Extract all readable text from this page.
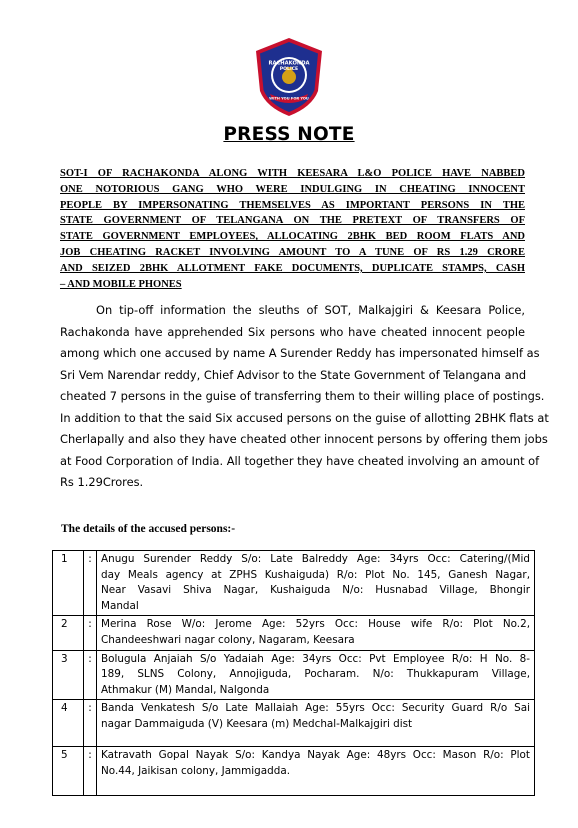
RACHAKONDA
POLICE
WITH YOU FOR YOU
PRESS NOTE
SOT-I OF RACHAKONDA ALONG WITH KEESARA L&O POLICE HAVE NABBED
ONE NOTORIOUS GANG WHO WERE INDULGING IN CHEATING INNOCENT
PEOPLE BY IMPERSONATING THEMSELVES AS IMPORTANT PERSONS IN THE
STATE GOVERNMENT OF TELANGANA ON THE PRETEXT OF TRANSFERS OF
STATE GOVERNMENT EMPLOYEES, ALLOCATING 2BHK BED ROOM FLATS AND
JOB CHEATING RACKET INVOLVING AMOUNT TO A TUNE OF RS 1.29 CRORE
AND SEIZED 2BHK ALLOTMENT FAKE DOCUMENTS, DUPLICATE STAMPS, CASH
– AND MOBILE PHONES
On tip-off information the sleuths of SOT, Malkajgiri & Keesara Police,
Rachakonda have apprehended Six persons who have cheated innocent people
among which one accused by name A Surender Reddy has impersonated himself as
Sri Vem Narendar reddy, Chief Advisor to the State Government of Telangana and
cheated 7 persons in the guise of transferring them to their willing place of postings.
In addition to that the said Six accused persons on the guise of allotting 2BHK flats at
Cherlapally and also they have cheated other innocent persons by offering them jobs
at Food Corporation of India. All together they have cheated involving an amount of
Rs 1.29Crores.
The details of the accused persons:-
1	:	Anugu Surender Reddy S/o: Late Balreddy Age: 34yrs Occ: Catering/(Mid
day Meals agency at ZPHS Kushaiguda) R/o: Plot No. 145, Ganesh Nagar,
Near Vasavi Shiva Nagar, Kushaiguda N/o: Husnabad Village, Bhongir
Mandal

2	:	Merina Rose W/o: Jerome Age: 52yrs Occ: House wife R/o: Plot No.2,
Chandeeshwari nagar colony, Nagaram, Keesara

3	:	Bolugula Anjaiah S/o Yadaiah Age: 34yrs Occ: Pvt Employee R/o: H No. 8-
189, SLNS Colony, Annojiguda, Pocharam. N/o: Thukkapuram Village,
Athmakur (M) Mandal, Nalgonda

4	:	Banda Venkatesh S/o Late Mallaiah Age: 55yrs Occ: Security Guard R/o Sai
nagar Dammaiguda (V) Keesara (m) Medchal-Malkajgiri dist

5	:	Katravath Gopal Nayak S/o: Kandya Nayak Age: 48yrs Occ: Mason R/o: Plot
No.44, Jaikisan colony, Jammigadda.
